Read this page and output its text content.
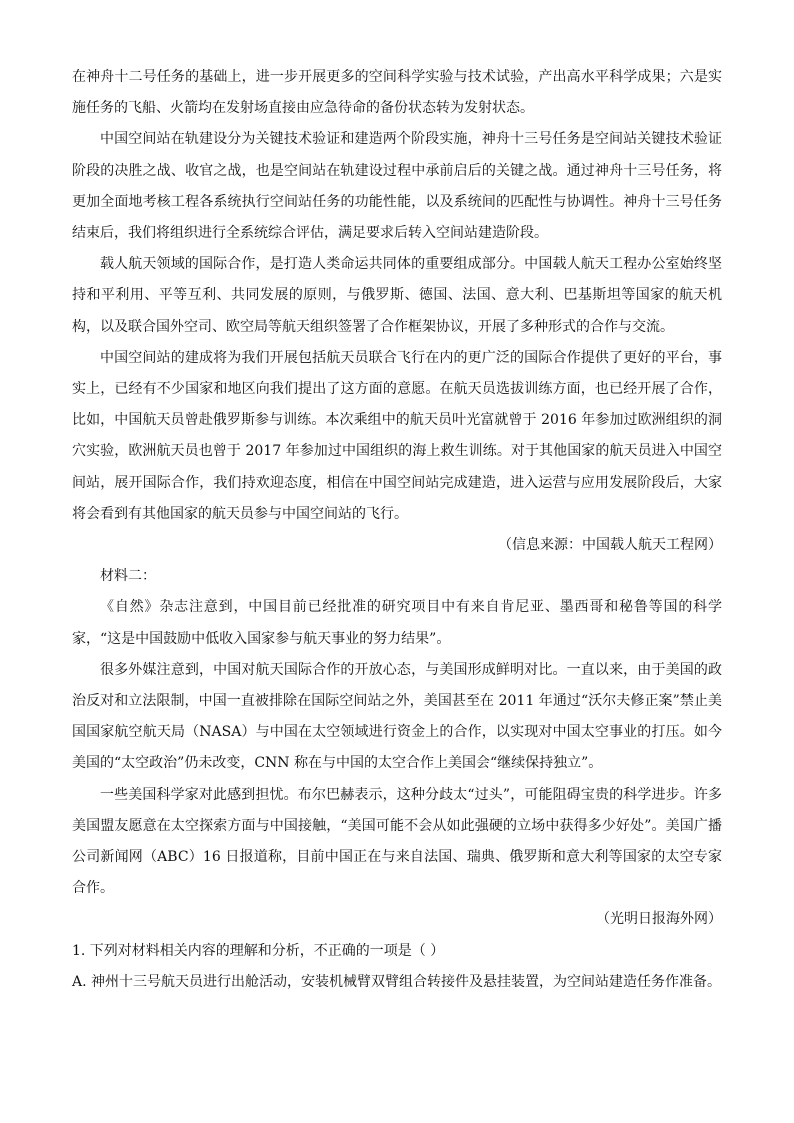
在神舟十二号任务的基础上，进一步开展更多的空间科学实验与技术试验，产出高水平科学成果；六是实施任务的飞船、火箭均在发射场直接由应急待命的备份状态转为发射状态。

中国空间站在轨建设分为关键技术验证和建造两个阶段实施，神舟十三号任务是空间站关键技术验证阶段的决胜之战、收官之战，也是空间站在轨建设过程中承前启后的关键之战。通过神舟十三号任务，将更加全面地考核工程各系统执行空间站任务的功能性能，以及系统间的匹配性与协调性。神舟十三号任务结束后，我们将组织进行全系统综合评估，满足要求后转入空间站建造阶段。

载人航天领域的国际合作，是打造人类命运共同体的重要组成部分。中国载人航天工程办公室始终坚持和平利用、平等互利、共同发展的原则，与俄罗斯、德国、法国、意大利、巴基斯坦等国家的航天机构，以及联合国外空司、欧空局等航天组织签署了合作框架协议，开展了多种形式的合作与交流。

中国空间站的建成将为我们开展包括航天员联合飞行在内的更广泛的国际合作提供了更好的平台，事实上，已经有不少国家和地区向我们提出了这方面的意愿。在航天员选拔训练方面，也已经开展了合作，比如，中国航天员曾赴俄罗斯参与训练。本次乘组中的航天员叶光富就曾于 2016 年参加过欧洲组织的洞穴实验，欧洲航天员也曾于 2017 年参加过中国组织的海上救生训练。对于其他国家的航天员进入中国空间站，展开国际合作，我们持欢迎态度，相信在中国空间站完成建造，进入运营与应用发展阶段后，大家将会看到有其他国家的航天员参与中国空间站的飞行。

（信息来源：中国载人航天工程网）

材料二：

《自然》杂志注意到，中国目前已经批准的研究项目中有来自肯尼亚、墨西哥和秘鲁等国的科学家，“这是中国鼓励中低收入国家参与航天事业的努力结果”。

很多外媒注意到，中国对航天国际合作的开放心态，与美国形成鲜明对比。一直以来，由于美国的政治反对和立法限制，中国一直被排除在国际空间站之外，美国甚至在 2011 年通过“沃尔夫修正案”禁止美国国家航空航天局（NASA）与中国在太空领域进行资金上的合作，以实现对中国太空事业的打压。如今美国的“太空政治”仍未改变，CNN 称在与中国的太空合作上美国会“继续保持独立”。

一些美国科学家对此感到担忧。布尔巴赫表示，这种分歧太“过头”，可能阻碍宝贵的科学进步。许多美国盟友愿意在太空探索方面与中国接触，“美国可能不会从如此强硬的立场中获得多少好处”。美国广播公司新闻网（ABC）16 日报道称，目前中国正在与来自法国、瑞典、俄罗斯和意大利等国家的太空专家合作。

（光明日报海外网）

1. 下列对材料相关内容的理解和分析，不正确的一项是（ ）

A. 神州十三号航天员进行出舱活动，安装机械臂双臂组合转接件及悬挂装置，为空间站建造任务作准备。
